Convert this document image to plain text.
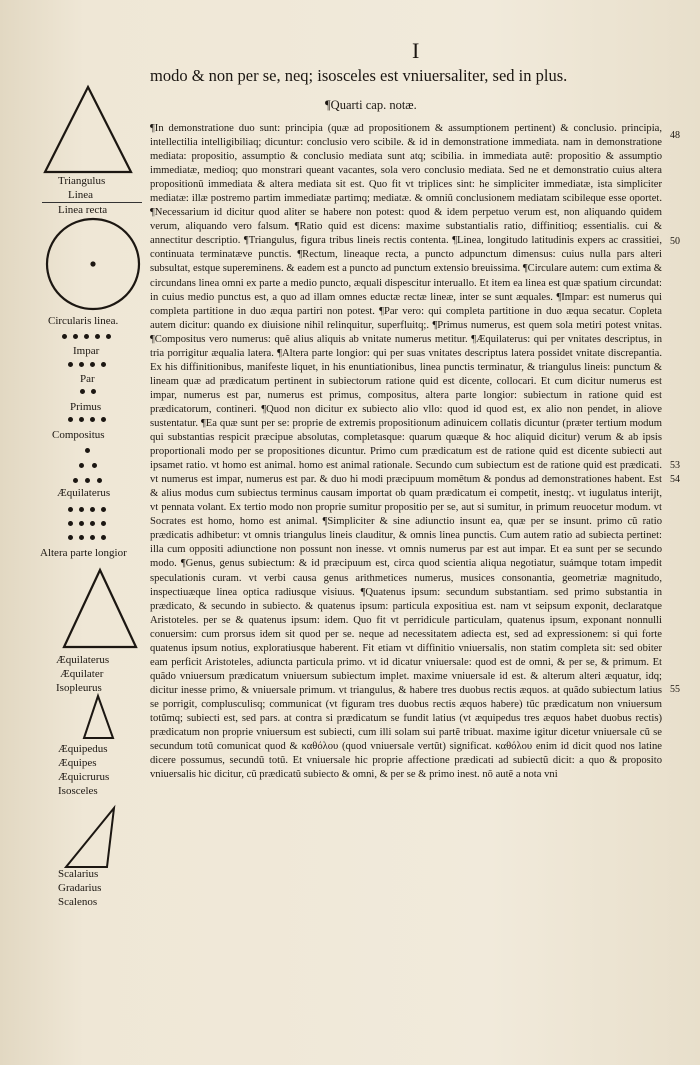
I
modo & non per se, neq; isosceles est vniuersaliter, sed in plus.
¶Quarti cap. notæ.
¶In demonstratione duo sunt: principia (quæ ad propositionem & assumptionem pertinent) & conclusio. principia, intellectilia intelligibiliaq; dicuntur: conclusio vero scibile. & id in demonstratione immediata. nam in demonstratione mediata: propositio, assumptio & conclusio mediata sunt atq; scibilia. in immediata autẽ: propositio & assumptio immediatæ, medioq; quo monstrari queant vacantes, sola vero conclusio mediata. Sed ne et demonstratio cuius altera propositionũ immediata & altera mediata sit est. Quo fit vt triplices sint: he simpliciter immediatæ, ista simpliciter mediatæ: illæ postremo partim immediatæ partimq; mediatæ. & omniũ conclusionem mediatam scibileque esse oportet. ¶Necessarium id dicitur quod aliter se habere non potest: quod & idem perpetuo verum est, non aliquando quidem verum, aliquando vero falsum. ¶Ratio quid est dicens: maxime substantialis ratio, diffinitioq; essentialis. cui & annectitur descriptio. ¶Triangulus, figura tribus lineis rectis contenta. ¶Linea, longitudo latitudinis expers ac crassitiei, continuata terminatæve punctis. ¶Rectum, lineaque recta, a puncto adpunctum dimensus: cuius nulla pars alteri subsultat, estque supereminens. & eadem est a puncto ad punctum extensio breuissima. ¶Circulare autem: cum extima & circundans linea omni ex parte a medio puncto, æquali dispescitur interuallo. Et item ea linea est quæ spatium circundat: in cuius medio punctus est, a quo ad illam omnes eductæ rectæ lineæ, inter se sunt æquales. ¶Impar: est numerus qui completa partitione in duo æqua partiri non potest. ¶Par vero: qui completa partitione in duo æqua secatur. Copleta autem dicitur: quando ex diuisione nihil relinquitur, superfluitq;. ¶Primus numerus, est quem sola metiri potest vnitas. ¶Compositus vero numerus: quẽ alius aliquis ab vnitate numerus metitur. ¶Æquilaterus: qui per vnitates descriptus, in tria porrigitur æqualia latera. ¶Altera parte longior: qui per suas vnitates descriptus latera possidet vnitate discrepantia. Ex his diffinitionibus, manifeste liquet, in his enuntiationibus, linea punctis terminatur, & triangulus lineis: punctum & lineam quæ ad prædicatum pertinent in subiectorum ratione quid est dicente, collocari. Et cum dicitur numerus est impar, numerus est par, numerus est primus, compositus, altera parte longior: subiectum in ratione quid est prædicatorum, contineri. ¶Quod non dicitur ex subiecto alio vllo: quod id quod est, ex alio non pendet, in aliove sustentatur. ¶Ea quæ sunt per se: proprie de extremis propositionum adinuicem collatis dicuntur (præter tertium modum qui substantias respicit præcipue absolutas, completasque: quarum quæque & hoc aliquid dicitur) verum & ab ipsis proportionali modo per se propositiones dicuntur. Primo cum prædicatum est de ratione quid est dicente subiecti aut ipsamet ratio. vt homo est animal. homo est animal rationale. Secundo cum subiectum est de ratione quid est prædicati. vt numerus est impar, numerus est par. & duo hi modi præcipuum momẽtum & pondus ad demonstrationes habent. Est & alius modus cum subiectus terminus causam importat ob quam prædicatum ei competit, inestq;. vt iugulatus interijt, vt pennata volant. Ex tertio modo non proprie sumitur propositio per se, aut si sumitur, in primum reuocetur modum. vt Socrates est homo, homo est animal. ¶Simpliciter & sine adiunctio insunt ea, quæ per se insunt. primo cũ ratio prædicatis adhibetur: vt omnis triangulus lineis clauditur, & omnis linea punctis. Cum autem ratio ad subiecta pertinet: illa cum oppositi adiunctione non possunt non inesse. vt omnis numerus par est aut impar. Et ea sunt per se secundo modo. ¶Genus, genus subiectum: & id præcipuum est, circa quod scientia aliqua negotiatur, suámque totam impedit speculationis curam. vt verbi causa genus arithmetices numerus, musices consonantia, geometriæ magnitudo, inspectiuæque linea optica radiusque visiuus. ¶Quatenus ipsum: secundum substantiam. sed primo substantia in prædicato, & secundo in subiecto. & quatenus ipsum: particula expositiua est. nam vt seipsum exponit, declaratque Aristoteles. per se & quatenus ipsum: idem. Quo fit vt perridicule particulam, quatenus ipsum, exponant nonnulli conuersim: cum prorsus idem sit quod per se. neque ad necessitatem adiecta est, sed ad expressionem: si qui forte quatenus ipsum notius, exploratiusque haberent. Fit etiam vt diffinitio vniuersalis, non statim completa sit: sed obiter eam perficit Aristoteles, adiuncta particula primo. vt id dicatur vniuersale: quod est de omni, & per se, & primum. Et quãdo vniuersum prædicatum vniuersum subiectum implet. maxime vniuersale id est. & alterum alteri æquatur, idq; dicitur inesse primo, & vniuersale primum. vt triangulus, & habere tres duobus rectis æquos. at quãdo subiectum latius se porrigit, complusculisq; communicat (vt figuram tres duobus rectis æquos habere) tũc prædicatum non vniuersum totũmq; subiecti est, sed pars. at contra si prædicatum se fundit latius (vt æquipedus tres æquos habet duobus rectis) prædicatum non proprie vniuersum est subiecti, cum illi solam sui partẽ tribuat. maxime igitur dicetur vniuersale cũ se secundum totũ comunicat quod & καθόλου (quod vniuersale vertũt) significat. καθόλου enim id dicit quod nos latine dicere possumus, secundũ totũ. Et vniuersale hic proprie affectione prædicati ad subiectũ dicit: a quo & proposito vniuersalis hic dicitur, cũ prædicatũ subiecto & omni, & per se & primo inest. nõ autẽ a nota vni
48
50
53
54
55
Triangulus
Linea
Linea recta
Circularis linea.
Impar
Par
Primus
Compositus
Æquilaterus
Altera parte longior
Æquilaterus
Æquilater
Isopleurus
Æquipedus
Æquipes
Æquicrurus
Isosceles
Scalarius
Gradarius
Scalenos
